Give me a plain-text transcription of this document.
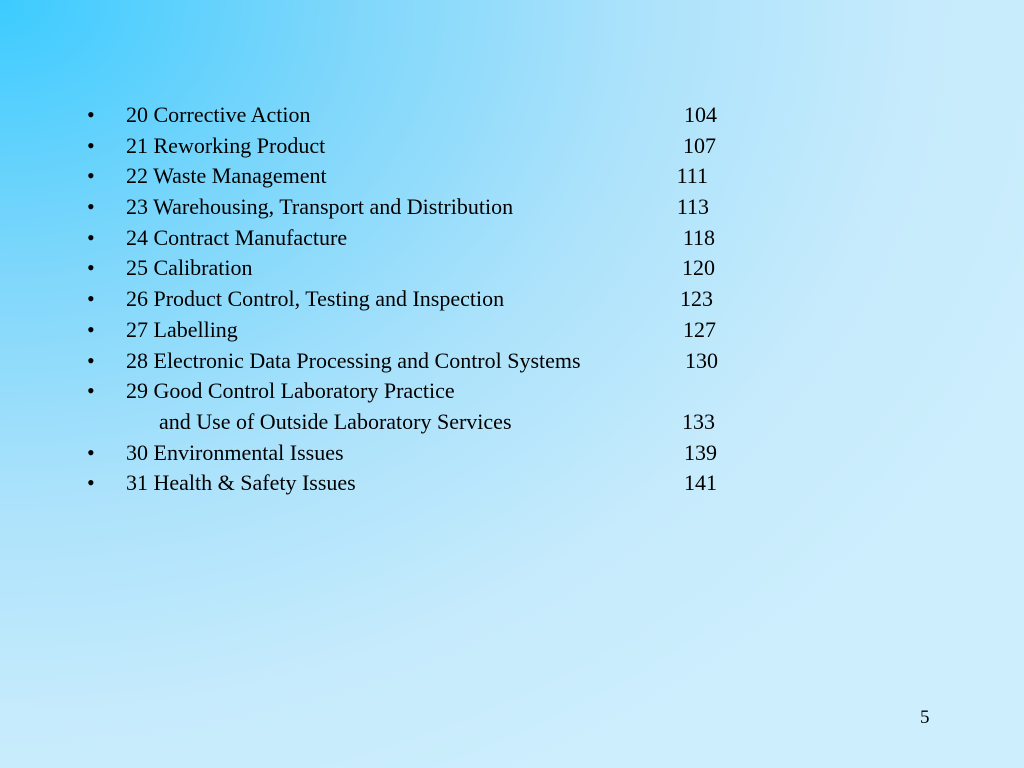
• 20 Corrective Action	104
• 21 Reworking Product	107
• 22 Waste Management	111
• 23 Warehousing, Transport and Distribution	113
• 24 Contract Manufacture	118
• 25 Calibration	120
• 26 Product Control, Testing and Inspection	123
• 27 Labelling	127
• 28 Electronic Data Processing and Control Systems	130
• 29 Good Control Laboratory Practice
and Use of Outside Laboratory Services	133
• 30 Environmental Issues	139
• 31 Health & Safety Issues	141
5
